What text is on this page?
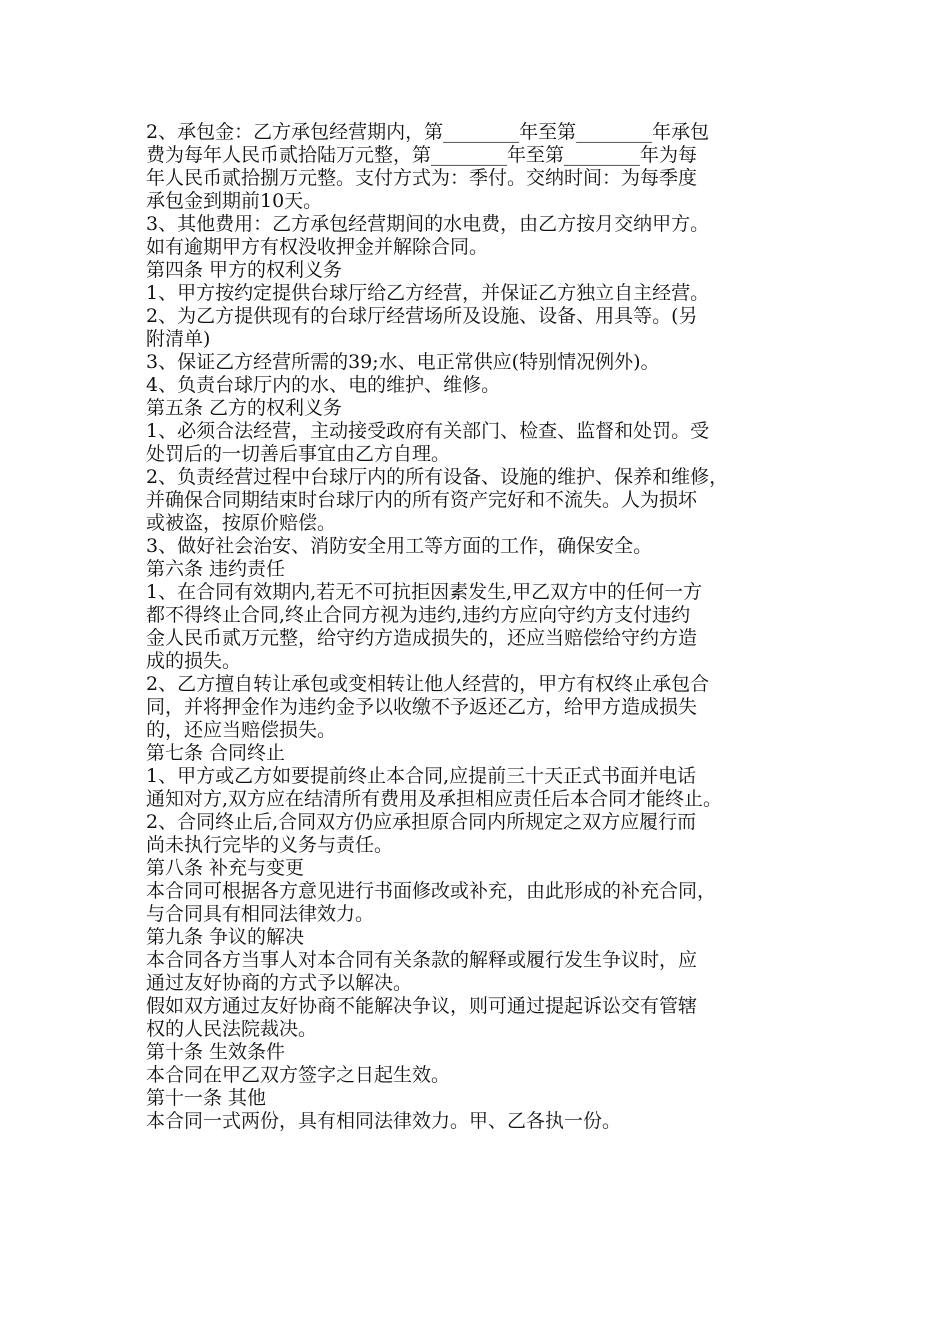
2、承包金：乙方承包经营期内，第________年至第________年承包
费为每年人民币贰拾陆万元整，第________年至第________年为每
年人民币贰拾捌万元整。支付方式为：季付。交纳时间：为每季度
承包金到期前10天。
3、其他费用：乙方承包经营期间的水电费，由乙方按月交纳甲方。
如有逾期甲方有权没收押金并解除合同。
第四条 甲方的权利义务
1、甲方按约定提供台球厅给乙方经营，并保证乙方独立自主经营。
2、为乙方提供现有的台球厅经营场所及设施、设备、用具等。(另
附清单)
3、保证乙方经营所需的39;水、电正常供应(特别情况例外)。
4、负责台球厅内的水、电的维护、维修。
第五条 乙方的权利义务
1、必须合法经营，主动接受政府有关部门、检查、监督和处罚。受
处罚后的一切善后事宜由乙方自理。
2、负责经营过程中台球厅内的所有设备、设施的维护、保养和维修，
并确保合同期结束时台球厅内的所有资产完好和不流失。人为损坏
或被盗，按原价赔偿。
3、做好社会治安、消防安全用工等方面的工作，确保安全。
第六条 违约责任
1、在合同有效期内,若无不可抗拒因素发生,甲乙双方中的任何一方
都不得终止合同,终止合同方视为违约,违约方应向守约方支付违约
金人民币贰万元整，给守约方造成损失的，还应当赔偿给守约方造
成的损失。
2、乙方擅自转让承包或变相转让他人经营的，甲方有权终止承包合
同，并将押金作为违约金予以收缴不予返还乙方，给甲方造成损失
的，还应当赔偿损失。
第七条 合同终止
1、甲方或乙方如要提前终止本合同,应提前三十天正式书面并电话
通知对方,双方应在结清所有费用及承担相应责任后本合同才能终止。
2、合同终止后,合同双方仍应承担原合同内所规定之双方应履行而
尚未执行完毕的义务与责任。
第八条 补充与变更
本合同可根据各方意见进行书面修改或补充，由此形成的补充合同，
与合同具有相同法律效力。
第九条 争议的解决
本合同各方当事人对本合同有关条款的解释或履行发生争议时，应
通过友好协商的方式予以解决。
假如双方通过友好协商不能解决争议，则可通过提起诉讼交有管辖
权的人民法院裁决。
第十条 生效条件
本合同在甲乙双方签字之日起生效。
第十一条 其他
本合同一式两份，具有相同法律效力。甲、乙各执一份。
